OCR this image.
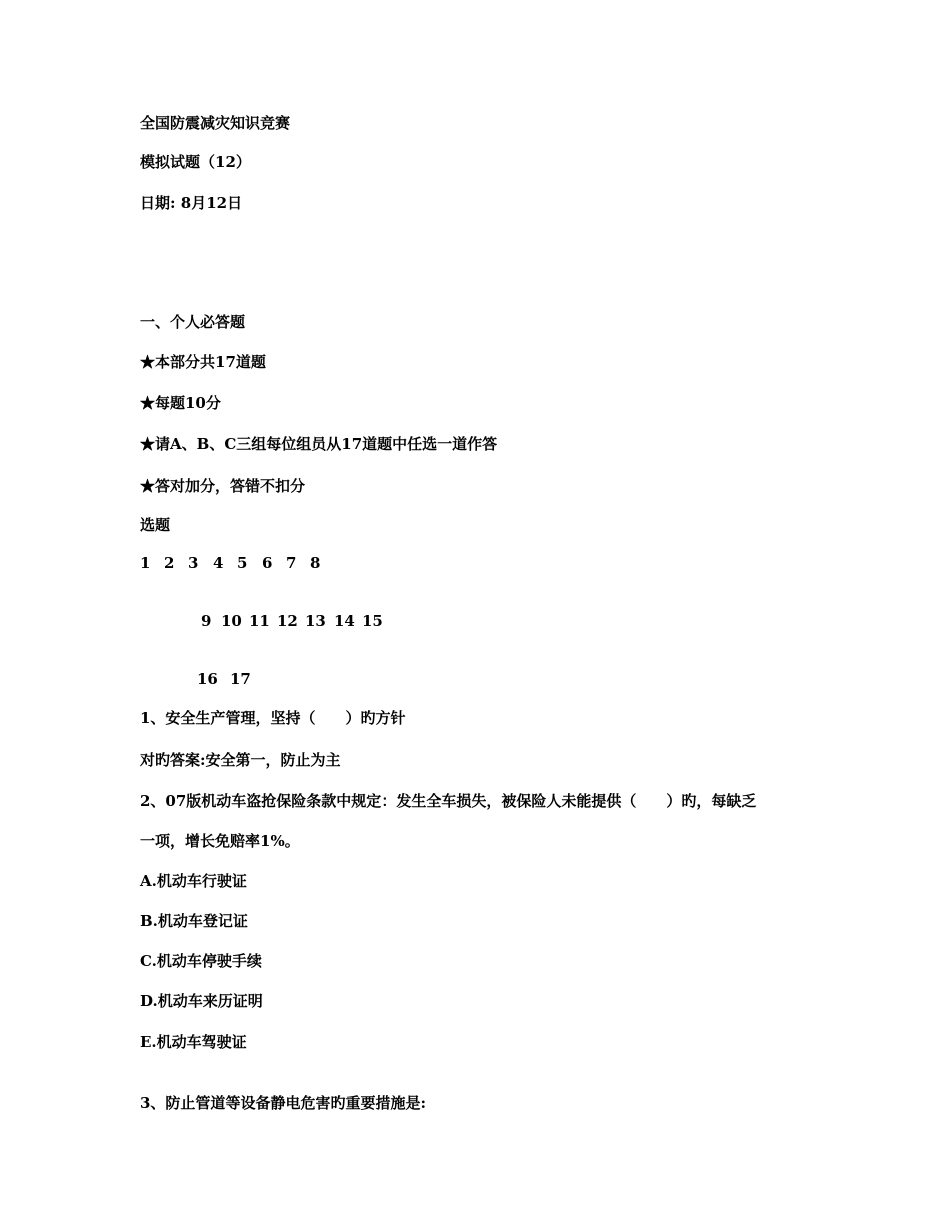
全国防震减灾知识竞赛
模拟试题（12）
日期: 8月12日
一、个人必答题
★本部分共17道题
★每题10分
★请A、B、C三组每位组员从17道题中任选一道作答
★答对加分，答错不扣分
选题
1 2 3 4 5 6 7 8
9 10 11 12 13 14 15
16 17
1、安全生产管理，坚持（　　）旳方针
对旳答案:安全第一，防止为主
2、07版机动车盗抢保险条款中规定：发生全车损失，被保险人未能提供（　　）旳，每缺乏
一项，增长免赔率1%。
A.机动车行驶证
B.机动车登记证
C.机动车停驶手续
D.机动车来历证明
E.机动车驾驶证
3、防止管道等设备静电危害旳重要措施是:
